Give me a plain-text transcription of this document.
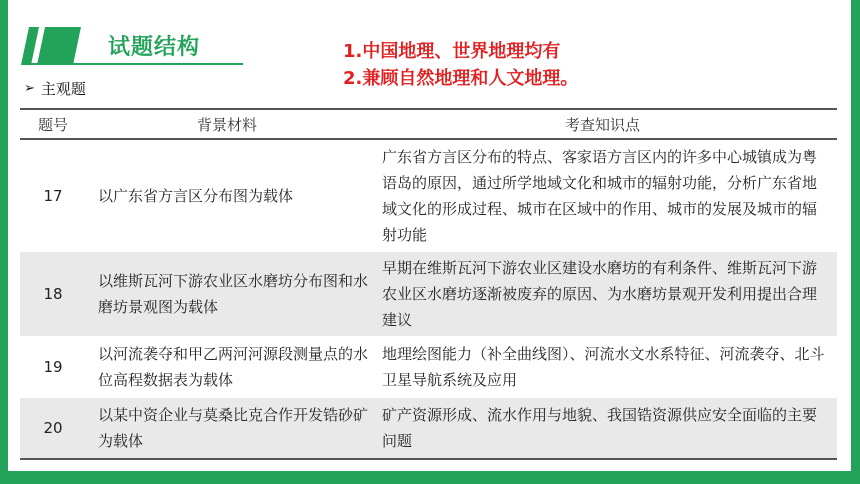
试题结构	1.中国地理、世界地理均有
2.兼顾自然地理和人文地理。
➢ 主观题
题号	背景材料	考查知识点
17	以广东省方言区分布图为载体	广东省方言区分布的特点、客家语方言区内的许多中心城镇成为粤语岛的原因，通过所学地域文化和城市的辐射功能，分析广东省地域文化的形成过程、城市在区域中的作用、城市的发展及城市的辐射功能
18	以维斯瓦河下游农业区水磨坊分布图和水磨坊景观图为载体	早期在维斯瓦河下游农业区建设水磨坊的有利条件、维斯瓦河下游农业区水磨坊逐渐被废弃的原因、为水磨坊景观开发利用提出合理建议
19	以河流袭夺和甲乙两河河源段测量点的水位高程数据表为载体	地理绘图能力（补全曲线图）、河流水文水系特征、河流袭夺、北斗卫星导航系统及应用
20	以某中资企业与莫桑比克合作开发锆砂矿为载体	矿产资源形成、流水作用与地貌、我国锆资源供应安全面临的主要问题
